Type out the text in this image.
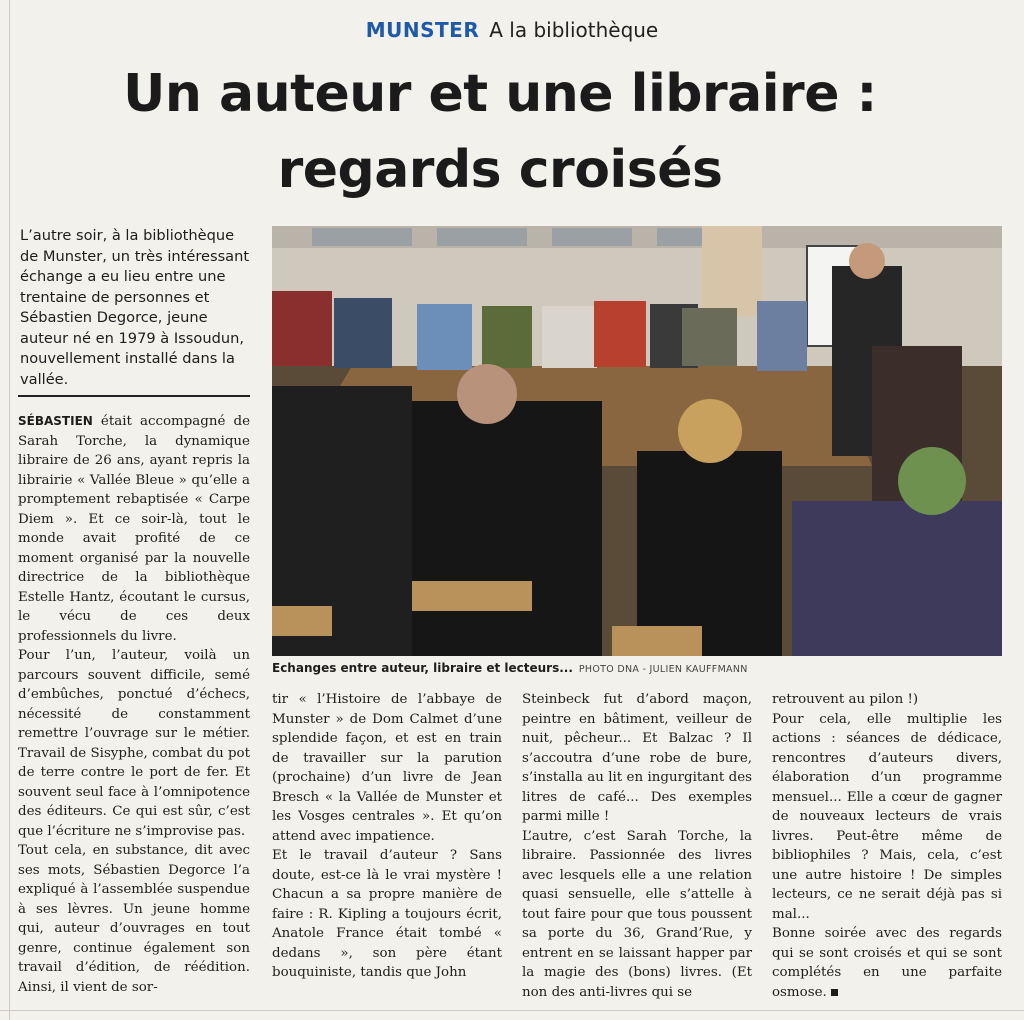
MUNSTER A la bibliothèque
Un auteur et une libraire : regards croisés
L’autre soir, à la bibliothèque de Munster, un très intéressant échange a eu lieu entre une trentaine de personnes et Sébastien Degorce, jeune auteur né en 1979 à Issoudun, nouvellement installé dans la vallée.
Echanges entre auteur, libraire et lecteurs... PHOTO DNA - JULIEN KAUFFMANN

SÉBASTIEN était accompagné de Sarah Torche, la dynamique libraire de 26 ans, ayant repris la librairie « Vallée Bleue » qu’elle a promptement rebaptisée « Carpe Diem ». Et ce soir-là, tout le monde avait profité de ce moment organisé par la nouvelle directrice de la bibliothèque Estelle Hantz, écoutant le cursus, le vécu de ces deux professionnels du livre.

Pour l’un, l’auteur, voilà un parcours souvent difficile, semé d’embûches, ponctué d’échecs, nécessité de constamment remettre l’ouvrage sur le métier. Travail de Sisyphe, combat du pot de terre contre le port de fer. Et souvent seul face à l’omnipotence des éditeurs. Ce qui est sûr, c’est que l’écriture ne s’improvise pas.

Tout cela, en substance, dit avec ses mots, Sébastien Degorce l’a expliqué à l’assemblée suspendue à ses lèvres. Un jeune homme qui, auteur d’ouvrages en tout genre, continue également son travail d’édition, de réédition. Ainsi, il vient de sor-

tir « l’Histoire de l’abbaye de Munster » de Dom Calmet d’une splendide façon, et est en train de travailler sur la parution (prochaine) d’un livre de Jean Bresch « la Vallée de Munster et les Vosges centrales ». Et qu’on attend avec impatience.

Et le travail d’auteur ? Sans doute, est-ce là le vrai mystère ! Chacun a sa propre manière de faire : R. Kipling a toujours écrit, Anatole France était tombé « dedans », son père étant bouquiniste, tandis que John

Steinbeck fut d’abord maçon, peintre en bâtiment, veilleur de nuit, pêcheur... Et Balzac ? Il s’accoutra d’une robe de bure, s’installa au lit en ingurgitant des litres de café... Des exemples parmi mille !

L’autre, c’est Sarah Torche, la libraire. Passionnée des livres avec lesquels elle a une relation quasi sensuelle, elle s’attelle à tout faire pour que tous poussent sa porte du 36, Grand’Rue, y entrent en se laissant happer par la magie des (bons) livres. (Et non des anti-livres qui se

retrouvent au pilon !)

Pour cela, elle multiplie les actions : séances de dédicace, rencontres d’auteurs divers, élaboration d’un programme mensuel... Elle a cœur de gagner de nouveaux lecteurs de vrais livres. Peut-être même de bibliophiles ? Mais, cela, c’est une autre histoire ! De simples lecteurs, ce ne serait déjà pas si mal...

Bonne soirée avec des regards qui se sont croisés et qui se sont complétés en une parfaite osmose.
